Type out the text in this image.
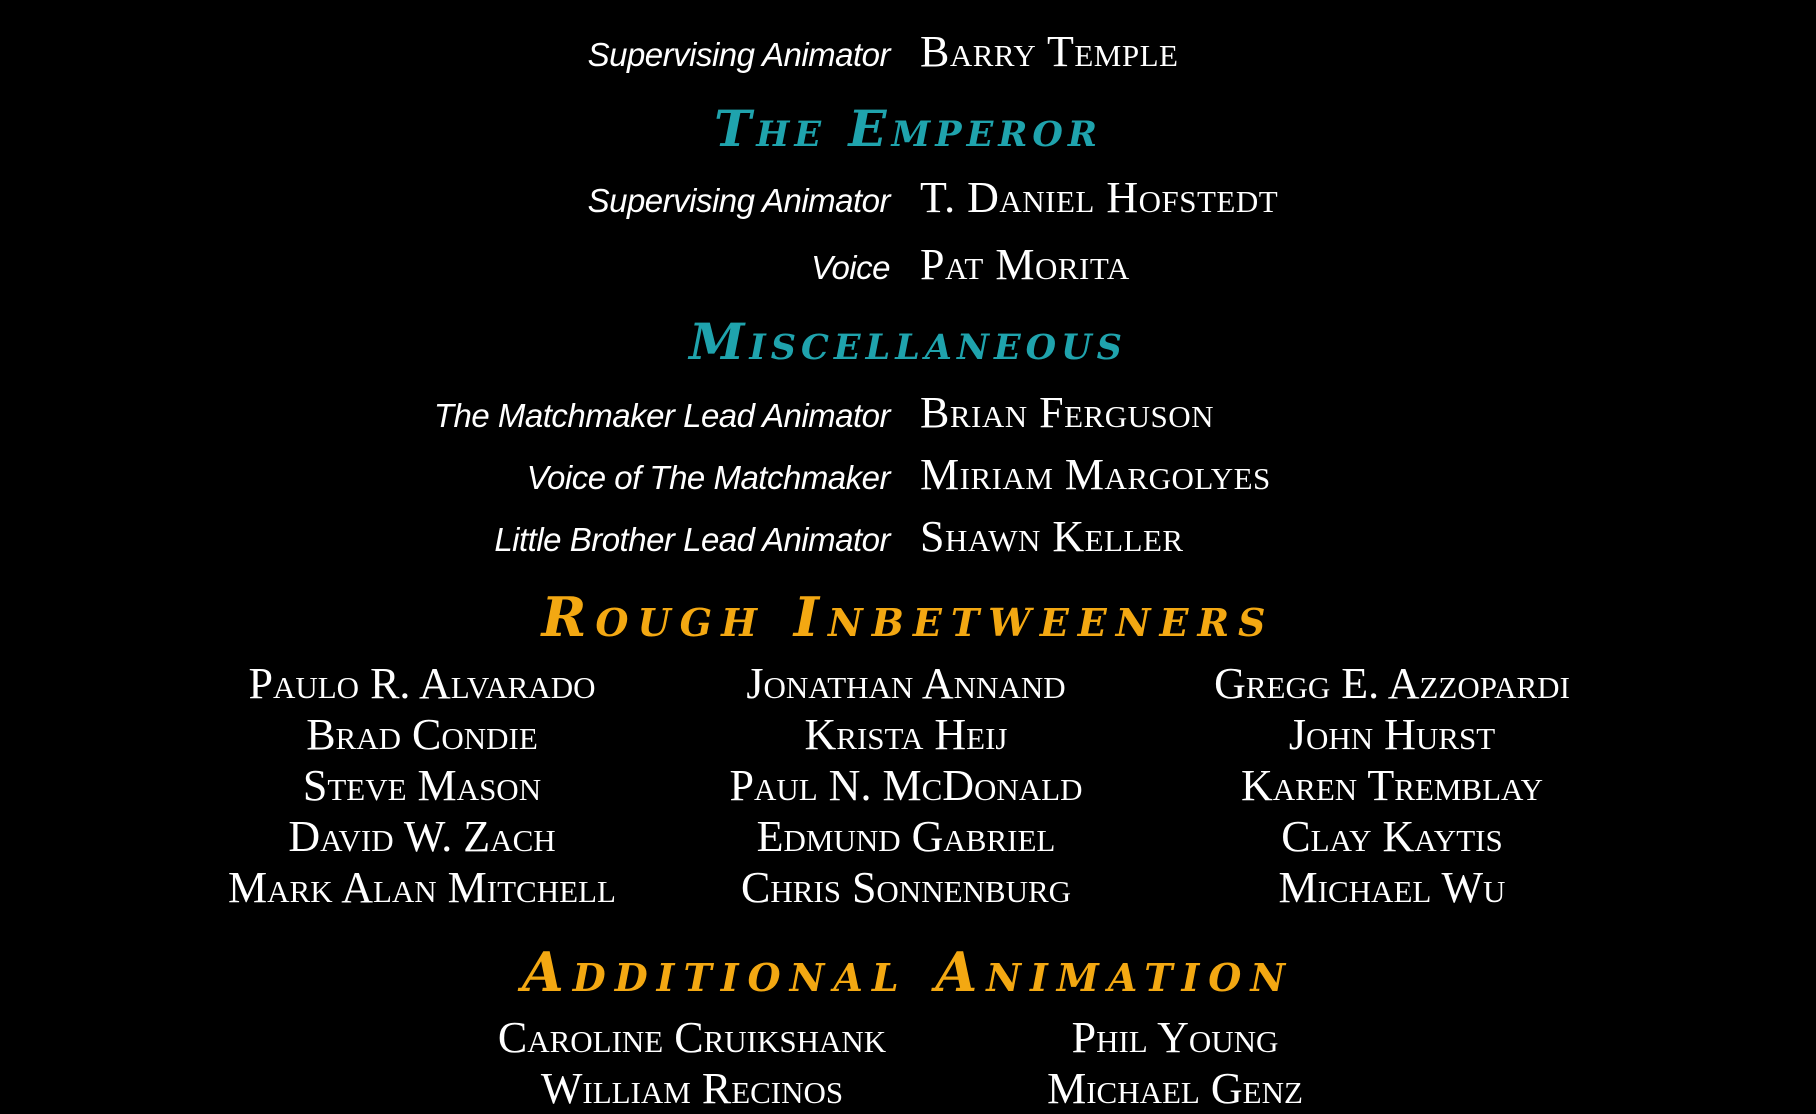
Supervising Animator Barry Temple
The Emperor
Supervising Animator T. Daniel Hofstedt
Voice Pat Morita
Miscellaneous
The Matchmaker Lead Animator Brian Ferguson
Voice of The Matchmaker Miriam Margolyes
Little Brother Lead Animator Shawn Keller
Rough Inbetweeners
Paulo R. Alvarado
Brad Condie
Steve Mason
David W. Zach
Mark Alan Mitchell
Jonathan Annand
Krista Heij
Paul N. McDonald
Edmund Gabriel
Chris Sonnenburg
Gregg E. Azzopardi
John Hurst
Karen Tremblay
Clay Kaytis
Michael Wu
Additional Animation
Caroline Cruikshank
William Recinos
Phil Young
Michael Genz
